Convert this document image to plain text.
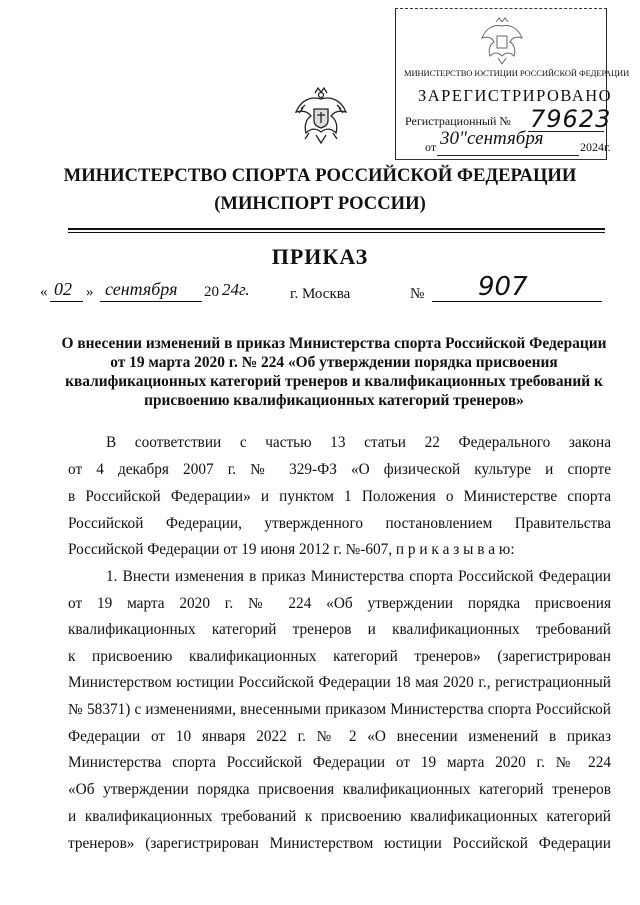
МИНИСТЕРСТВО ЮСТИЦИИ РОССИЙСКОЙ ФЕДЕРАЦИИ
ЗАРЕГИСТРИРОВАНО
Регистрационный № 79623
от 30"сентября	2024г.
МИНИСТЕРСТВО СПОРТА РОССИЙСКОЙ ФЕДЕРАЦИИ
(МИНСПОРТ РОССИИ)
ПРИКАЗ
« 02 » сентября 20 24г.	г. Москва	№ 907
О внесении изменений в приказ Министерства спорта Российской Федерации от 19 марта 2020 г. № 224 «Об утверждении порядка присвоения квалификационных категорий тренеров и квалификационных требований к присвоению квалификационных категорий тренеров»
В соответствии с частью 13 статьи 22 Федерального закона
от 4 декабря 2007 г. № 329-ФЗ «О физической культуре и спорте
в Российской Федерации» и пунктом 1 Положения о Министерстве спорта
Российской Федерации, утвержденного постановлением Правительства
Российской Федерации от 19 июня 2012 г. №-607, п р и к а з ы в а ю:
1. Внести изменения в приказ Министерства спорта Российской Федерации
от 19 марта 2020 г. № 224 «Об утверждении порядка присвоения
квалификационных категорий тренеров и квалификационных требований
к присвоению квалификационных категорий тренеров» (зарегистрирован
Министерством юстиции Российской Федерации 18 мая 2020 г., регистрационный
№ 58371) с изменениями, внесенными приказом Министерства спорта Российской
Федерации от 10 января 2022 г. № 2 «О внесении изменений в приказ
Министерства спорта Российской Федерации от 19 марта 2020 г. № 224
«Об утверждении порядка присвоения квалификационных категорий тренеров
и квалификационных требований к присвоению квалификационных категорий
тренеров» (зарегистрирован Министерством юстиции Российской Федерации
